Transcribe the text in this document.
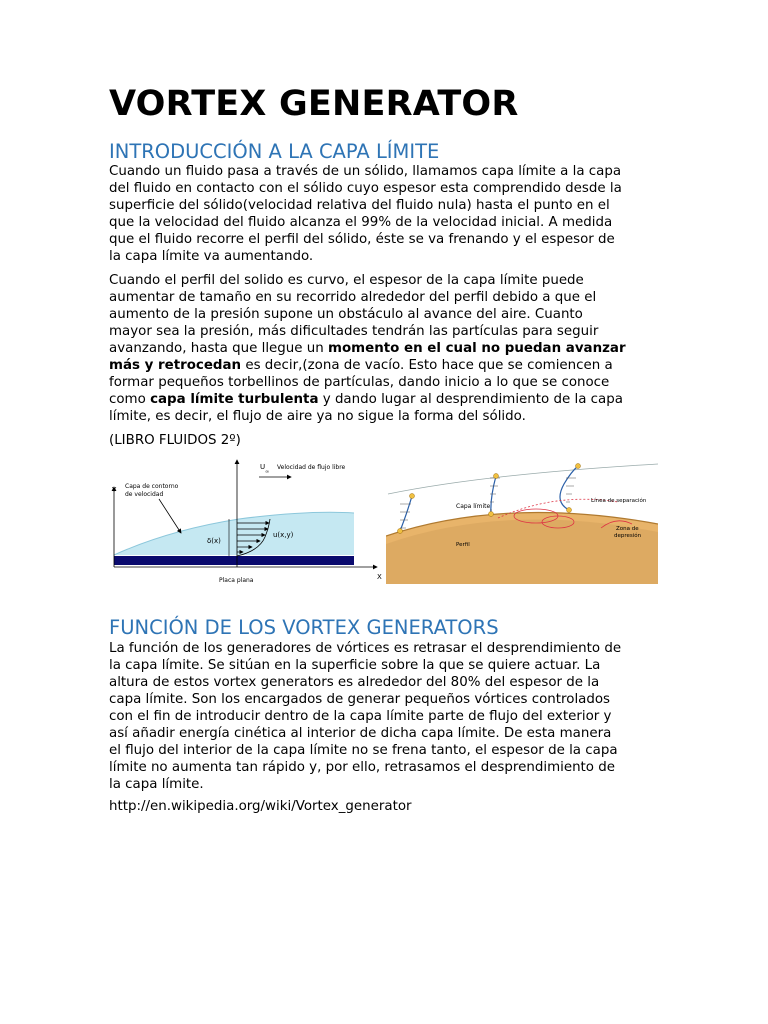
VORTEX GENERATOR
INTRODUCCIÓN A LA CAPA LÍMITE

Cuando un fluido pasa a través de un sólido, llamamos capa límite a la capa
del fluido en contacto con el sólido cuyo espesor esta comprendido desde la
superficie del sólido(velocidad relativa del fluido nula) hasta el punto en el
que la velocidad del fluido alcanza el 99% de la velocidad inicial. A medida
que el fluido recorre el perfil del sólido, éste se va frenando y el espesor de
la capa límite va aumentando.

Cuando el perfil del solido es curvo, el espesor de la capa límite puede
aumentar de tamaño en su recorrido alrededor del perfil debido a que el
aumento de la presión supone un obstáculo al avance del aire. Cuanto
mayor sea la presión, más dificultades tendrán las partículas para seguir
avanzando, hasta que llegue un momento en el cual no puedan avanzar
más y retrocedan es decir,(zona de vacío. Esto hace que se comiencen a
formar pequeños torbellinos de partículas, dando inicio a lo que se conoce
como capa límite turbulenta y dando lugar al desprendimiento de la capa
límite, es decir, el flujo de aire ya no sigue la forma del sólido.

(LIBRO FLUIDOS 2º)

FUNCIÓN DE LOS VORTEX GENERATORS

La función de los generadores de vórtices es retrasar el desprendimiento de
la capa límite. Se sitúan en la superficie sobre la que se quiere actuar. La
altura de estos vortex generators es alrededor del 80% del espesor de la
capa límite. Son los encargados de generar pequeños vórtices controlados
con el fin de introducir dentro de la capa límite parte de flujo del exterior y
así añadir energía cinética al interior de dicha capa límite. De esta manera
el flujo del interior de la capa límite no se frena tanto, el espesor de la capa
límite no aumenta tan rápido y, por ello, retrasamos el desprendimiento de
la capa límite.

http://en.wikipedia.org/wiki/Vortex_generator

Y
X
Capa de contorno
de velocidad
U
∞
Velocidad de flujo libre
δ(x)
u(x,y)
Placa plana
Capa límite
Línea de separación
Zona de
depresión
Perfil
